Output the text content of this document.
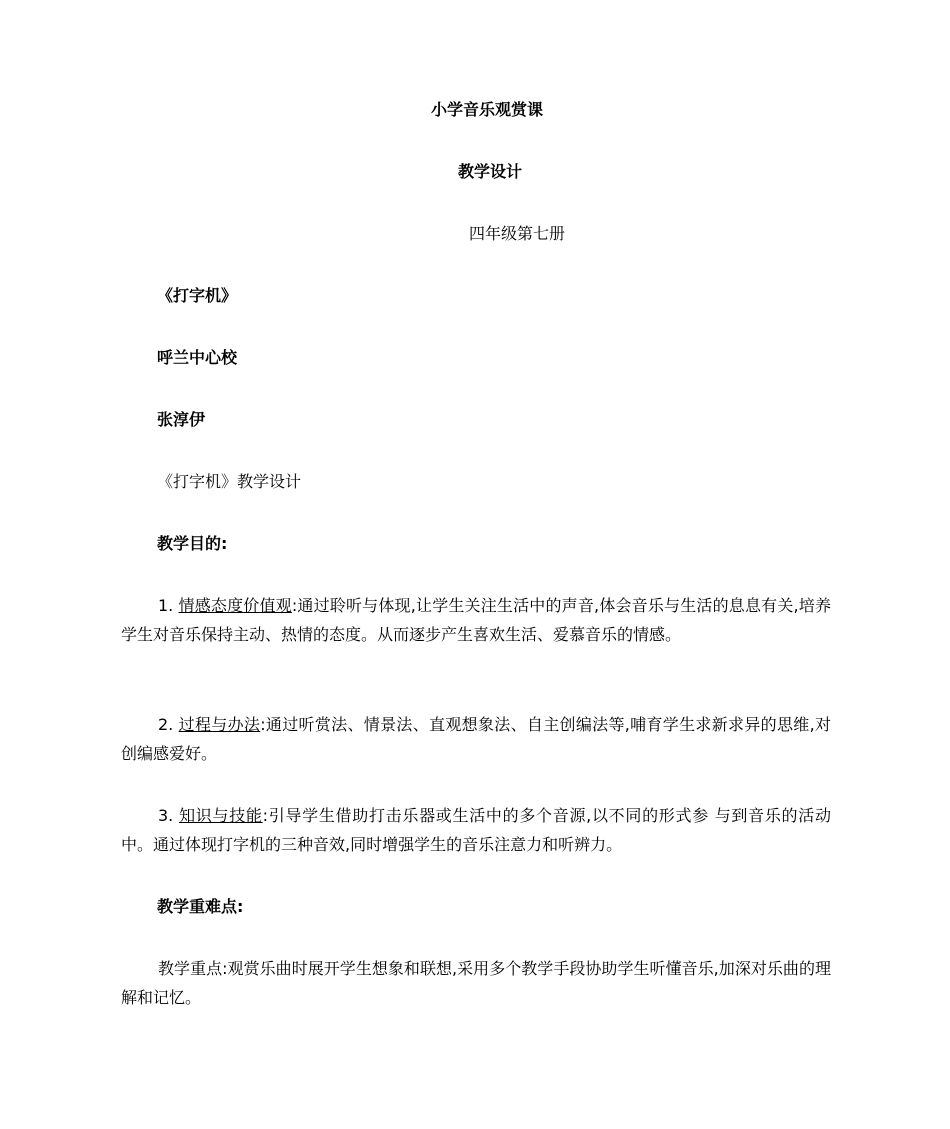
小学音乐观赏课
教学设计
四年级第七册
《打字机》
呼兰中心校
张淳伊
《打字机》教学设计
教学目的:
1. 情感态度价值观:通过聆听与体现,让学生关注生活中的声音,体会音乐与生活的息息有关,培养学生对音乐保持主动、热情的态度。从而逐步产生喜欢生活、爱慕音乐的情感。
2. 过程与办法:通过听赏法、情景法、直观想象法、自主创编法等,哺育学生求新求异的思维,对创编感爱好。
3. 知识与技能:引导学生借助打击乐器或生活中的多个音源,以不同的形式参 与到音乐的活动中。通过体现打字机的三种音效,同时增强学生的音乐注意力和听辨力。
教学重难点:
教学重点:观赏乐曲时展开学生想象和联想,采用多个教学手段协助学生听懂音乐,加深对乐曲的理解和记忆。
